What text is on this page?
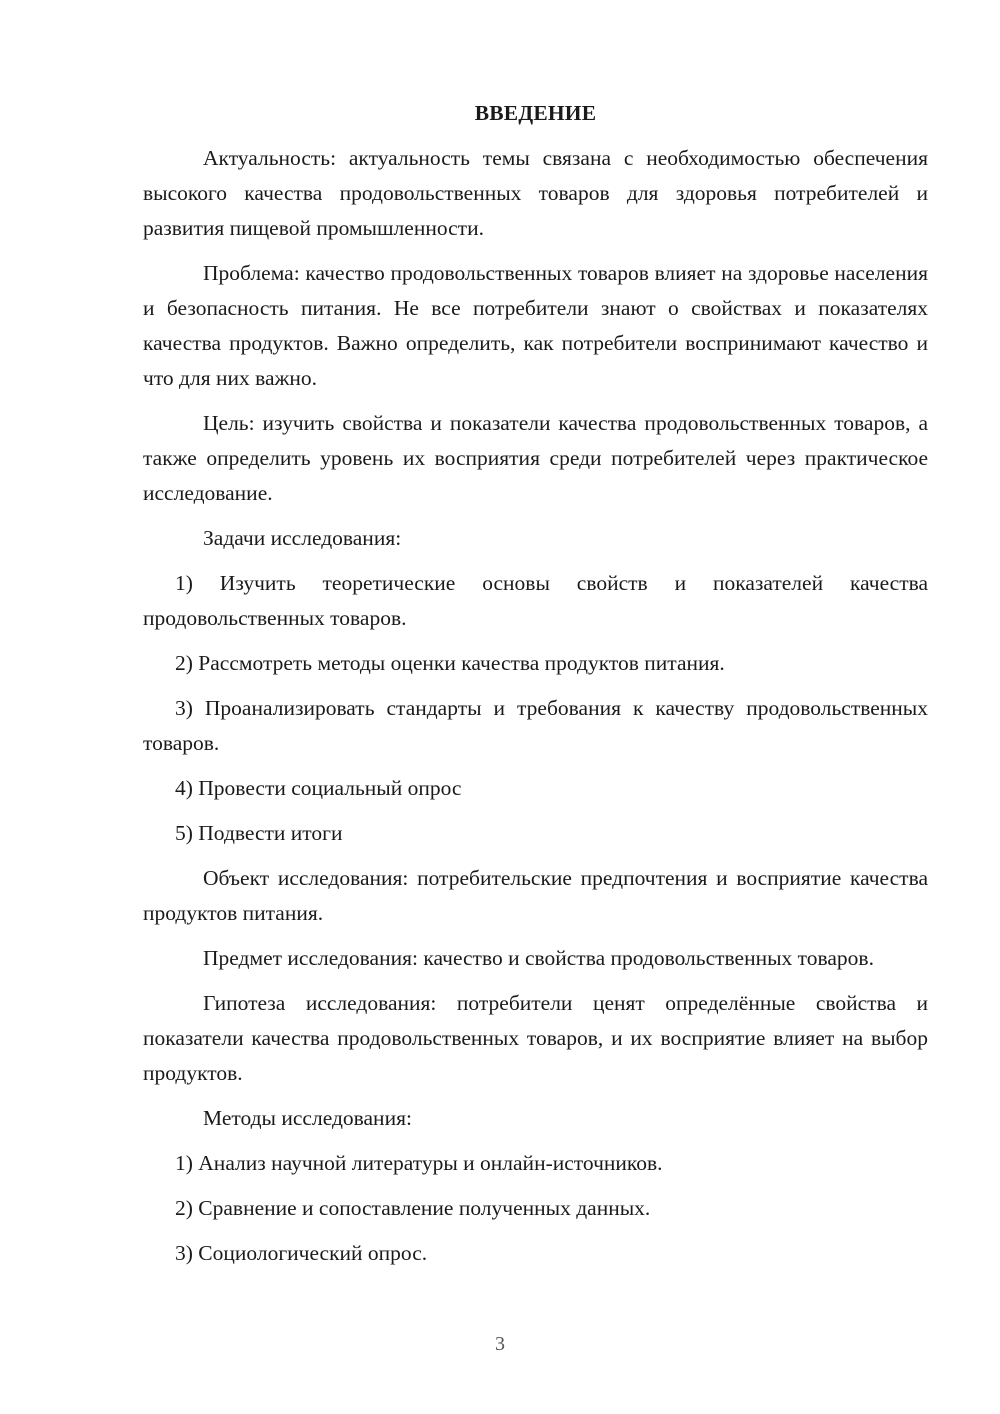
ВВЕДЕНИЕ

Актуальность: актуальность темы связана с необходимостью обеспечения высокого качества продовольственных товаров для здоровья потребителей и развития пищевой промышленности.

Проблема: качество продовольственных товаров влияет на здоровье населения и безопасность питания. Не все потребители знают о свойствах и показателях качества продуктов. Важно определить, как потребители воспринимают качество и что для них важно.

Цель: изучить свойства и показатели качества продовольственных товаров, а также определить уровень их восприятия среди потребителей через практическое исследование.

Задачи исследования:

1) Изучить теоретические основы свойств и показателей качества продовольственных товаров.

2) Рассмотреть методы оценки качества продуктов питания.

3) Проанализировать стандарты и требования к качеству продовольственных товаров.

4) Провести социальный опрос

5) Подвести итоги

Объект исследования: потребительские предпочтения и восприятие качества продуктов питания.

Предмет исследования: качество и свойства продовольственных товаров.

Гипотеза исследования: потребители ценят определённые свойства и показатели качества продовольственных товаров, и их восприятие влияет на выбор продуктов.

Методы исследования:

1) Анализ научной литературы и онлайн-источников.

2) Сравнение и сопоставление полученных данных.

3) Социологический опрос.

3
